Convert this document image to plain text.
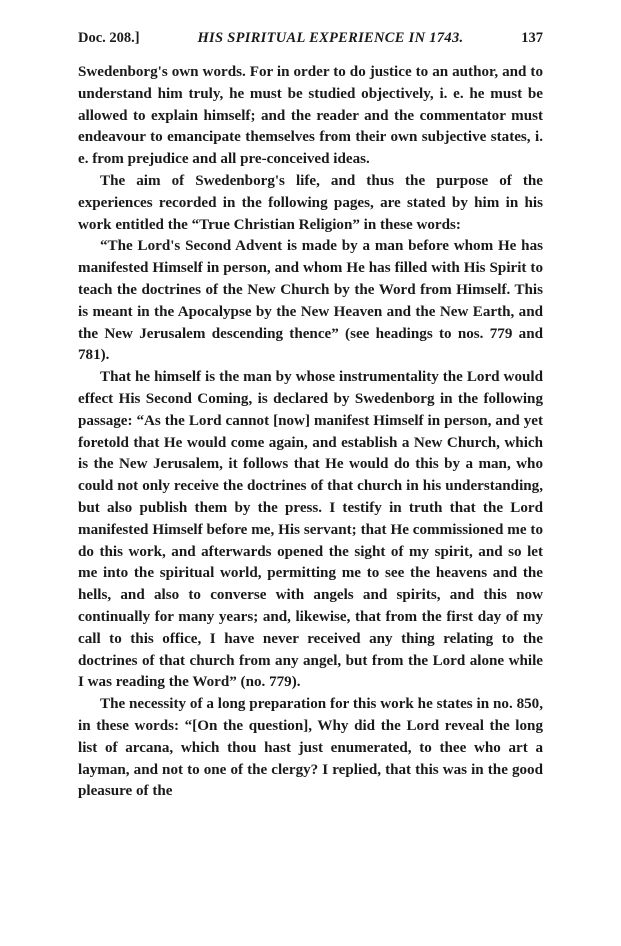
Doc. 208.]	HIS SPIRITUAL EXPERIENCE IN 1743.	137

Swedenborg's own words. For in order to do justice to an author, and to understand him truly, he must be studied objectively, i. e. he must be allowed to explain himself; and the reader and the commentator must endeavour to emancipate themselves from their own subjective states, i. e. from prejudice and all pre-conceived ideas.

The aim of Swedenborg's life, and thus the purpose of the experiences recorded in the following pages, are stated by him in his work entitled the “True Christian Religion” in these words:

“The Lord's Second Advent is made by a man before whom He has manifested Himself in person, and whom He has filled with His Spirit to teach the doctrines of the New Church by the Word from Himself. This is meant in the Apocalypse by the New Heaven and the New Earth, and the New Jerusalem descending thence” (see headings to nos. 779 and 781).

That he himself is the man by whose instrumentality the Lord would effect His Second Coming, is declared by Swedenborg in the following passage: “As the Lord cannot [now] manifest Himself in person, and yet foretold that He would come again, and establish a New Church, which is the New Jerusalem, it follows that He would do this by a man, who could not only receive the doctrines of that church in his understanding, but also publish them by the press. I testify in truth that the Lord manifested Himself before me, His servant; that He commissioned me to do this work, and afterwards opened the sight of my spirit, and so let me into the spiritual world, permitting me to see the heavens and the hells, and also to converse with angels and spirits, and this now continually for many years; and, likewise, that from the first day of my call to this office, I have never received any thing relating to the doctrines of that church from any angel, but from the Lord alone while I was reading the Word” (no. 779).

The necessity of a long preparation for this work he states in no. 850, in these words: “[On the question], Why did the Lord reveal the long list of arcana, which thou hast just enumerated, to thee who art a layman, and not to one of the clergy? I replied, that this was in the good pleasure of the
